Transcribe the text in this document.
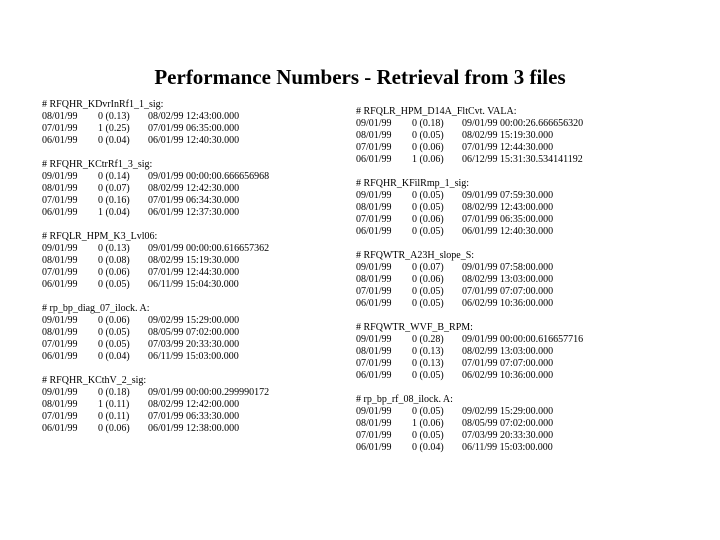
Performance Numbers - Retrieval from 3 files
# RFQHR_KDvrInRf1_1_sig:
08/01/99	0 (0.13)	08/02/99 12:43:00.000
07/01/99	1 (0.25)	07/01/99 06:35:00.000
06/01/99	0 (0.04)	06/01/99 12:40:30.000
# RFQHR_KCtrRf1_3_sig:
09/01/99	0 (0.14)	09/01/99 00:00:00.666656968
08/01/99	0 (0.07)	08/02/99 12:42:30.000
07/01/99	0 (0.16)	07/01/99 06:34:30.000
06/01/99	1 (0.04)	06/01/99 12:37:30.000
# RFQLR_HPM_K3_Lvl06:
09/01/99	0 (0.13)	09/01/99 00:00:00.616657362
08/01/99	0 (0.08)	08/02/99 15:19:30.000
07/01/99	0 (0.06)	07/01/99 12:44:30.000
06/01/99	0 (0.05)	06/11/99 15:04:30.000
# rp_bp_diag_07_ilock. A:
09/01/99	0 (0.06)	09/02/99 15:29:00.000
08/01/99	0 (0.05)	08/05/99 07:02:00.000
07/01/99	0 (0.05)	07/03/99 20:33:30.000
06/01/99	0 (0.04)	06/11/99 15:03:00.000
# RFQHR_KCthV_2_sig:
09/01/99	0 (0.18)	09/01/99 00:00:00.299990172
08/01/99	1 (0.11)	08/02/99 12:42:00.000
07/01/99	0 (0.11)	07/01/99 06:33:30.000
06/01/99	0 (0.06)	06/01/99 12:38:00.000
# RFQLR_HPM_D14A_FltCvt. VALA:
09/01/99	0 (0.18)	09/01/99 00:00:26.666656320
08/01/99	0 (0.05)	08/02/99 15:19:30.000
07/01/99	0 (0.06)	07/01/99 12:44:30.000
06/01/99	1 (0.06)	06/12/99 15:31:30.534141192
# RFQHR_KFilRmp_1_sig:
09/01/99	0 (0.05)	09/01/99 07:59:30.000
08/01/99	0 (0.05)	08/02/99 12:43:00.000
07/01/99	0 (0.06)	07/01/99 06:35:00.000
06/01/99	0 (0.05)	06/01/99 12:40:30.000
# RFQWTR_A23H_slope_S:
09/01/99	0 (0.07)	09/01/99 07:58:00.000
08/01/99	0 (0.06)	08/02/99 13:03:00.000
07/01/99	0 (0.05)	07/01/99 07:07:00.000
06/01/99	0 (0.05)	06/02/99 10:36:00.000
# RFQWTR_WVF_B_RPM:
09/01/99	0 (0.28)	09/01/99 00:00:00.616657716
08/01/99	0 (0.13)	08/02/99 13:03:00.000
07/01/99	0 (0.13)	07/01/99 07:07:00.000
06/01/99	0 (0.05)	06/02/99 10:36:00.000
# rp_bp_rf_08_ilock. A:
09/01/99	0 (0.05)	09/02/99 15:29:00.000
08/01/99	1 (0.06)	08/05/99 07:02:00.000
07/01/99	0 (0.05)	07/03/99 20:33:30.000
06/01/99	0 (0.04)	06/11/99 15:03:00.000
